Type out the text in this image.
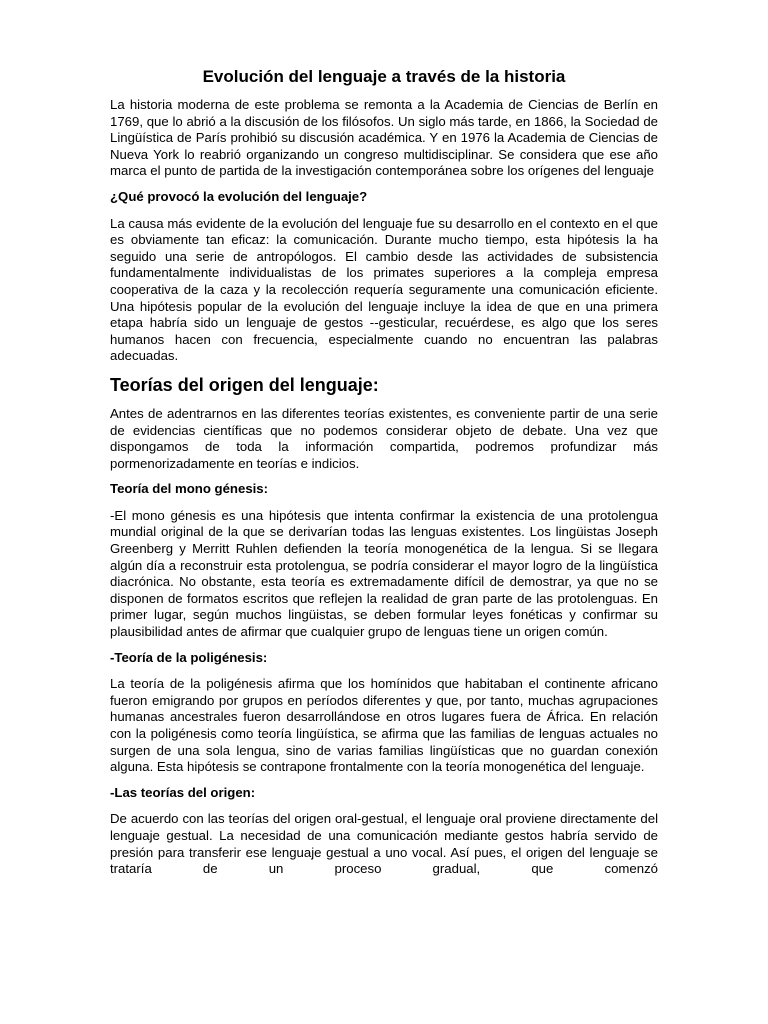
Evolución del lenguaje a través de la historia

La historia moderna de este problema se remonta a la Academia de Ciencias de Berlín en 1769, que lo abrió a la discusión de los filósofos. Un siglo más tarde, en 1866, la Sociedad de Lingüística de París prohibió su discusión académica. Y en 1976 la Academia de Ciencias de Nueva York lo reabrió organizando un congreso multidisciplinar. Se considera que ese año marca el punto de partida de la investigación contemporánea sobre los orígenes del lenguaje

¿Qué provocó la evolución del lenguaje?

La causa más evidente de la evolución del lenguaje fue su desarrollo en el contexto en el que es obviamente tan eficaz: la comunicación. Durante mucho tiempo, esta hipótesis la ha seguido una serie de antropólogos. El cambio desde las actividades de subsistencia fundamentalmente individualistas de los primates superiores a la compleja empresa cooperativa de la caza y la recolección requería seguramente una comunicación eficiente. Una hipótesis popular de la evolución del lenguaje incluye la idea de que en una primera etapa habría sido un lenguaje de gestos --gesticular, recuérdese, es algo que los seres humanos hacen con frecuencia, especialmente cuando no encuentran las palabras adecuadas.

Teorías del origen del lenguaje:

Antes de adentrarnos en las diferentes teorías existentes, es conveniente partir de una serie de evidencias científicas que no podemos considerar objeto de debate. Una vez que dispongamos de toda la información compartida, podremos profundizar más pormenorizadamente en teorías e indicios.

Teoría del mono génesis:

-El mono génesis es una hipótesis que intenta confirmar la existencia de una protolengua mundial original de la que se derivarían todas las lenguas existentes. Los lingüistas Joseph Greenberg y Merritt Ruhlen defienden la teoría monogenética de la lengua. Si se llegara algún día a reconstruir esta protolengua, se podría considerar el mayor logro de la lingüística diacrónica. No obstante, esta teoría es extremadamente difícil de demostrar, ya que no se disponen de formatos escritos que reflejen la realidad de gran parte de las protolenguas. En primer lugar, según muchos lingüistas, se deben formular leyes fonéticas y confirmar su plausibilidad antes de afirmar que cualquier grupo de lenguas tiene un origen común.

-Teoría de la poligénesis:

La teoría de la poligénesis afirma que los homínidos que habitaban el continente africano fueron emigrando por grupos en períodos diferentes y que, por tanto, muchas agrupaciones humanas ancestrales fueron desarrollándose en otros lugares fuera de África. En relación con la poligénesis como teoría lingüística, se afirma que las familias de lenguas actuales no surgen de una sola lengua, sino de varias familias lingüísticas que no guardan conexión alguna. Esta hipótesis se contrapone frontalmente con la teoría monogenética del lenguaje.

-Las teorías del origen:

De acuerdo con las teorías del origen oral-gestual, el lenguaje oral proviene directamente del lenguaje gestual. La necesidad de una comunicación mediante gestos habría servido de presión para transferir ese lenguaje gestual a uno vocal. Así pues, el origen del lenguaje se trataría de un proceso gradual, que comenzó
